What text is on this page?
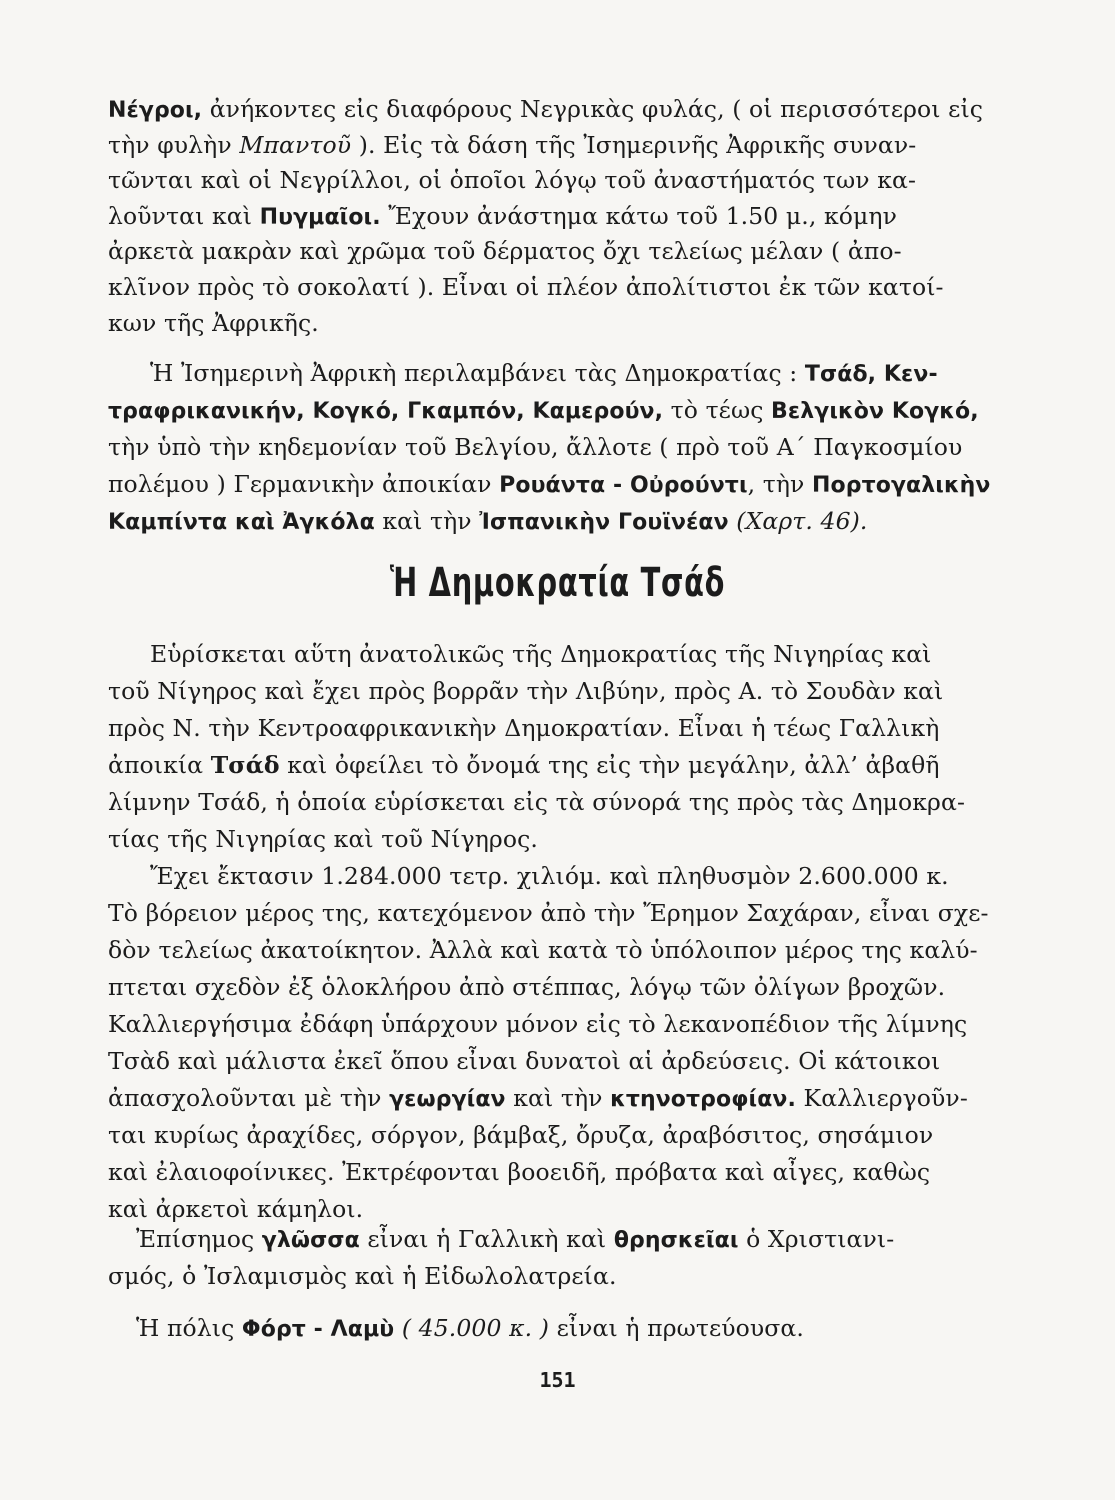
Νέγροι, ἀνήκοντες εἰς διαφόρους Νεγρικὰς φυλάς, ( οἱ περισσότεροι εἰς
τὴν φυλὴν Μπαντοῦ ). Εἰς τὰ δάση τῆς Ἰσημερινῆς Ἀφρικῆς συναν-
τῶνται καὶ οἱ Νεγρίλλοι, οἱ ὁποῖοι λόγῳ τοῦ ἀναστήματός των κα-
λοῦνται καὶ Πυγμαῖοι. Ἔχουν ἀνάστημα κάτω τοῦ 1.50 μ., κόμην
ἀρκετὰ μακρὰν καὶ χρῶμα τοῦ δέρματος ὄχι τελείως μέλαν ( ἀπο-
κλῖνον πρὸς τὸ σοκολατί ). Εἶναι οἱ πλέον ἀπολίτιστοι ἐκ τῶν κατοί-
κων τῆς Ἀφρικῆς.
Ἡ Ἰσημερινὴ Ἀφρικὴ περιλαμβάνει τὰς Δημοκρατίας : Τσάδ, Κεν-
τραφρικανικήν, Κογκό, Γκαμπόν, Καμερούν, τὸ τέως Βελγικὸν Κογκό,
τὴν ὑπὸ τὴν κηδεμονίαν τοῦ Βελγίου, ἄλλοτε ( πρὸ τοῦ Α΄ Παγκοσμίου
πολέμου ) Γερμανικὴν ἀποικίαν Ρουάντα - Οὐρούντι, τὴν Πορτογαλικὴν
Καμπίντα καὶ Ἀγκόλα καὶ τὴν Ἰσπανικὴν Γουϊνέαν (Χαρτ. 46).
Ἡ Δημοκρατία Τσάδ
Εὑρίσκεται αὕτη ἀνατολικῶς τῆς Δημοκρατίας τῆς Νιγηρίας καὶ
τοῦ Νίγηρος καὶ ἔχει πρὸς βορρᾶν τὴν Λιβύην, πρὸς Α. τὸ Σουδὰν καὶ
πρὸς Ν. τὴν Κεντροαφρικανικὴν Δημοκρατίαν. Εἶναι ἡ τέως Γαλλικὴ
ἀποικία Τσάδ καὶ ὀφείλει τὸ ὄνομά της εἰς τὴν μεγάλην, ἀλλ’ ἀβαθῆ
λίμνην Τσάδ, ἡ ὁποία εὑρίσκεται εἰς τὰ σύνορά της πρὸς τὰς Δημοκρα-
τίας τῆς Νιγηρίας καὶ τοῦ Νίγηρος.
Ἔχει ἔκτασιν 1.284.000 τετρ. χιλιόμ. καὶ πληθυσμὸν 2.600.000 κ.
Τὸ βόρειον μέρος της, κατεχόμενον ἀπὸ τὴν Ἔρημον Σαχάραν, εἶναι σχε-
δὸν τελείως ἀκατοίκητον. Ἀλλὰ καὶ κατὰ τὸ ὑπόλοιπον μέρος της καλύ-
πτεται σχεδὸν ἐξ ὁλοκλήρου ἀπὸ στέππας, λόγῳ τῶν ὀλίγων βροχῶν.
Καλλιεργήσιμα ἐδάφη ὑπάρχουν μόνον εἰς τὸ λεκανοπέδιον τῆς λίμνης
Τσὰδ καὶ μάλιστα ἐκεῖ ὅπου εἶναι δυνατοὶ αἱ ἀρδεύσεις. Οἱ κάτοικοι
ἀπασχολοῦνται μὲ τὴν γεωργίαν καὶ τὴν κτηνοτροφίαν. Καλλιεργοῦν-
ται κυρίως ἀραχίδες, σόργον, βάμβαξ, ὄρυζα, ἀραβόσιτος, σησάμιον
καὶ ἐλαιοφοίνικες. Ἐκτρέφονται βοοειδῆ, πρόβατα καὶ αἶγες, καθὼς
καὶ ἀρκετοὶ κάμηλοι.
Ἐπίσημος γλῶσσα εἶναι ἡ Γαλλικὴ καὶ θρησκεῖαι ὁ Χριστιανι-
σμός, ὁ Ἰσλαμισμὸς καὶ ἡ Εἰδωλολατρεία.
Ἡ πόλις Φόρτ - Λαμὺ ( 45.000 κ. ) εἶναι ἡ πρωτεύουσα.
151
